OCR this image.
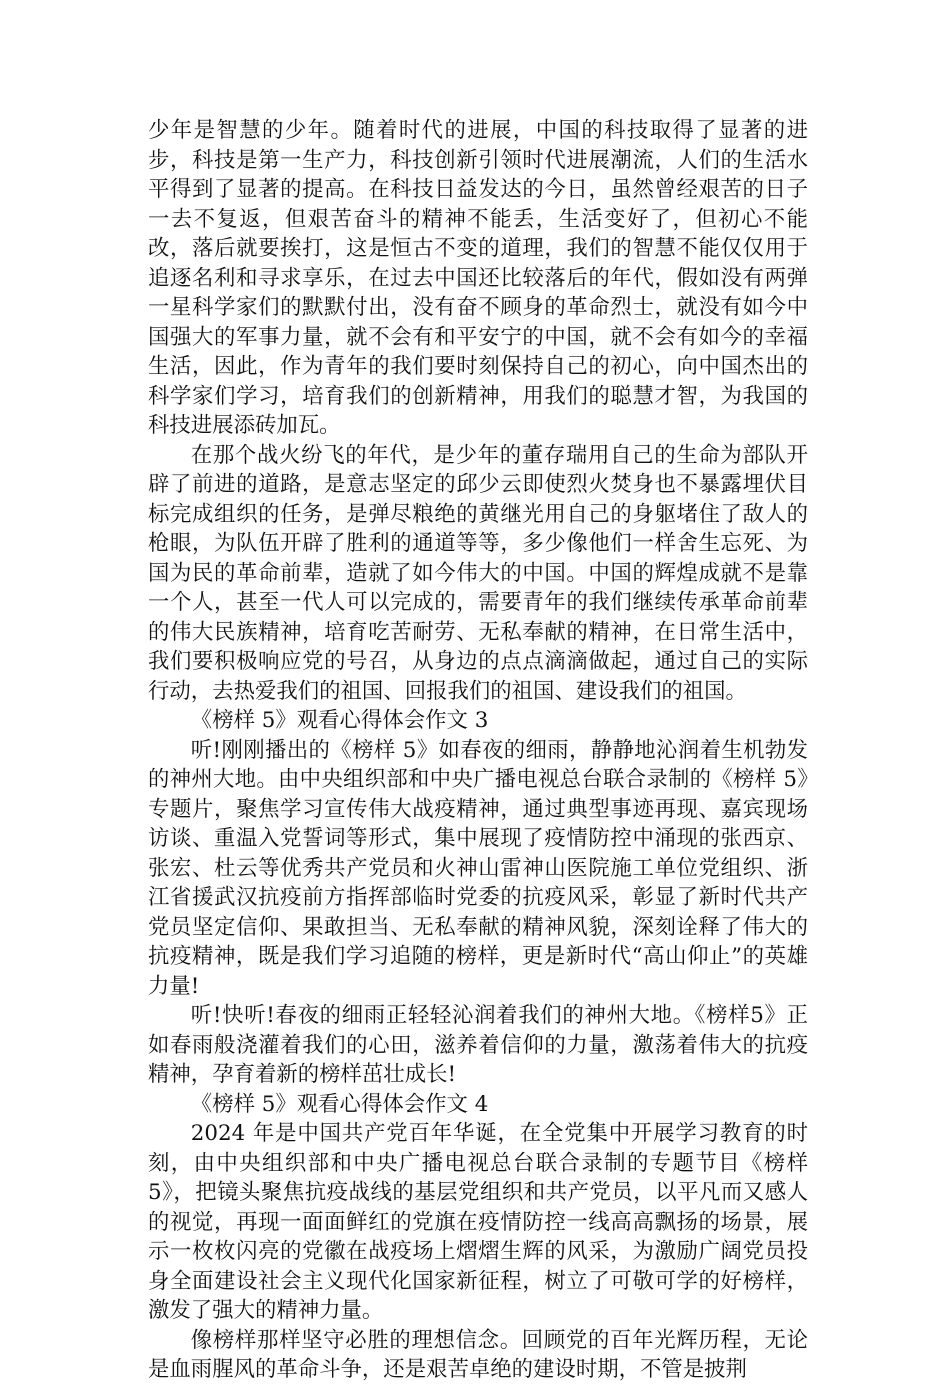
少年是智慧的少年。随着时代的进展，中国的科技取得了显著的进步，科技是第一生产力，科技创新引领时代进展潮流，人们的生活水平得到了显著的提高。在科技日益发达的今日，虽然曾经艰苦的日子一去不复返，但艰苦奋斗的精神不能丢，生活变好了，但初心不能改，落后就要挨打，这是恒古不变的道理，我们的智慧不能仅仅用于追逐名利和寻求享乐，在过去中国还比较落后的年代，假如没有两弹一星科学家们的默默付出，没有奋不顾身的革命烈士，就没有如今中国强大的军事力量，就不会有和平安宁的中国，就不会有如今的幸福生活，因此，作为青年的我们要时刻保持自己的初心，向中国杰出的科学家们学习，培育我们的创新精神，用我们的聪慧才智，为我国的科技进展添砖加瓦。

在那个战火纷飞的年代，是少年的董存瑞用自己的生命为部队开辟了前进的道路，是意志坚定的邱少云即使烈火焚身也不暴露埋伏目标完成组织的任务，是弹尽粮绝的黄继光用自己的身躯堵住了敌人的枪眼，为队伍开辟了胜利的通道等等，多少像他们一样舍生忘死、为国为民的革命前辈，造就了如今伟大的中国。中国的辉煌成就不是靠一个人，甚至一代人可以完成的，需要青年的我们继续传承革命前辈的伟大民族精神，培育吃苦耐劳、无私奉献的精神，在日常生活中，我们要积极响应党的号召，从身边的点点滴滴做起，通过自己的实际行动，去热爱我们的祖国、回报我们的祖国、建设我们的祖国。

《榜样 5》观看心得体会作文 3

听!刚刚播出的《榜样 5》如春夜的细雨，静静地沁润着生机勃发的神州大地。由中央组织部和中央广播电视总台联合录制的《榜样 5》专题片，聚焦学习宣传伟大战疫精神，通过典型事迹再现、嘉宾现场访谈、重温入党誓词等形式，集中展现了疫情防控中涌现的张西京、张宏、杜云等优秀共产党员和火神山雷神山医院施工单位党组织、浙江省援武汉抗疫前方指挥部临时党委的抗疫风采，彰显了新时代共产党员坚定信仰、果敢担当、无私奉献的精神风貌，深刻诠释了伟大的抗疫精神，既是我们学习追随的榜样，更是新时代“高山仰止”的英雄力量!

听!快听!春夜的细雨正轻轻沁润着我们的神州大地。《榜样5》正如春雨般浇灌着我们的心田，滋养着信仰的力量，激荡着伟大的抗疫精神，孕育着新的榜样茁壮成长!

《榜样 5》观看心得体会作文 4

2024 年是中国共产党百年华诞，在全党集中开展学习教育的时刻，由中央组织部和中央广播电视总台联合录制的专题节目《榜样 5》，把镜头聚焦抗疫战线的基层党组织和共产党员，以平凡而又感人的视觉，再现一面面鲜红的党旗在疫情防控一线高高飘扬的场景，展示一枚枚闪亮的党徽在战疫场上熠熠生辉的风采，为激励广阔党员投身全面建设社会主义现代化国家新征程，树立了可敬可学的好榜样，激发了强大的精神力量。

像榜样那样坚守必胜的理想信念。回顾党的百年光辉历程，无论是血雨腥风的革命斗争，还是艰苦卓绝的建设时期，不管是披荆
